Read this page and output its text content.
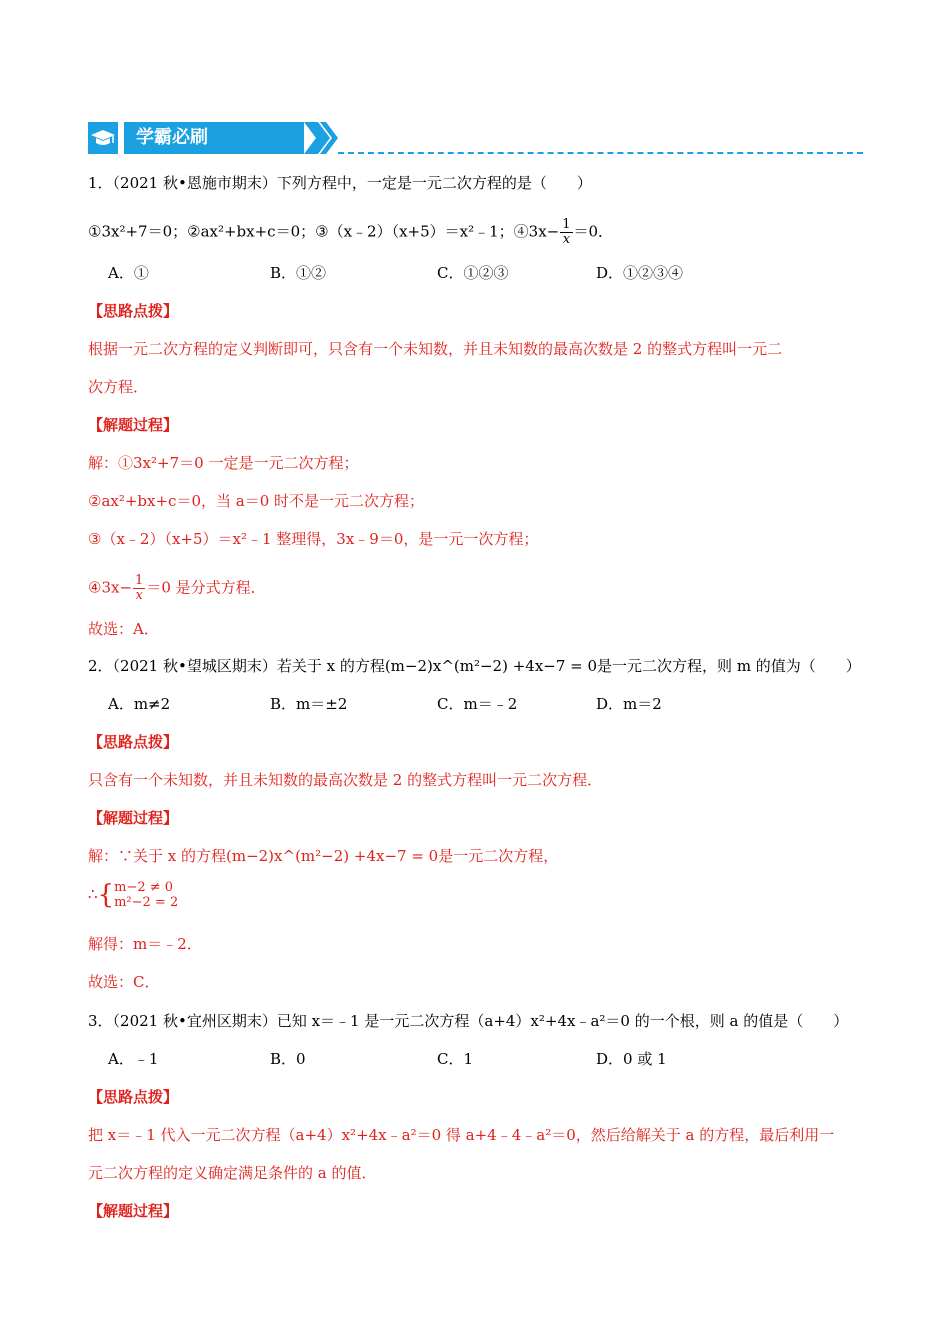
学霸必刷
1．（2021 秋•恩施市期末）下列方程中，一定是一元二次方程的是（　　）
①3x²+7＝0；②ax²+bx+c＝0；③（x﹣2）（x+5）＝x²﹣1；④3x− $\frac{1}{x} =0$．
A．①	B．①②	C．①②③	D．①②③④
【思路点拨】
根据一元二次方程的定义判断即可，只含有一个未知数，并且未知数的最高次数是 2 的整式方程叫一元二
次方程．
【解题过程】
解：①3x²+7＝0 一定是一元二次方程；
②ax²+bx+c＝0，当 a＝0 时不是一元二次方程；
③（x﹣2）（x+5）＝x²﹣1 整理得，3x﹣9＝0，是一元一次方程；
④3x− $\frac{1}{x} =0$ 是分式方程．
故选：A．
2．（2021 秋•望城区期末）若关于 x 的方程(m−2)x^(m²−2) +4x−7 = 0是一元二次方程，则 m 的值为（　　）
A．m≠2	B．m＝±2	C．m＝﹣2	D．m＝2
【思路点拨】
只含有一个未知数，并且未知数的最高次数是 2 的整式方程叫一元二次方程．
【解题过程】
解：∵关于 x 的方程(m−2)x^(m²−2) +4x−7 = 0是一元二次方程，
∴{ m−2 ≠ 0
m²−2 = 2
解得：m＝﹣2．
故选：C．
3．（2021 秋•宜州区期末）已知 x＝﹣1 是一元二次方程（a+4）x²+4x﹣a²＝0 的一个根，则 a 的值是（　　）
A．﹣1	B．0	C．1	D．0 或 1
【思路点拨】
把 x＝﹣1 代入一元二次方程（a+4）x²+4x﹣a²＝0 得 a+4﹣4﹣a²＝0，然后给解关于 a 的方程，最后利用一
元二次方程的定义确定满足条件的 a 的值．
【解题过程】
